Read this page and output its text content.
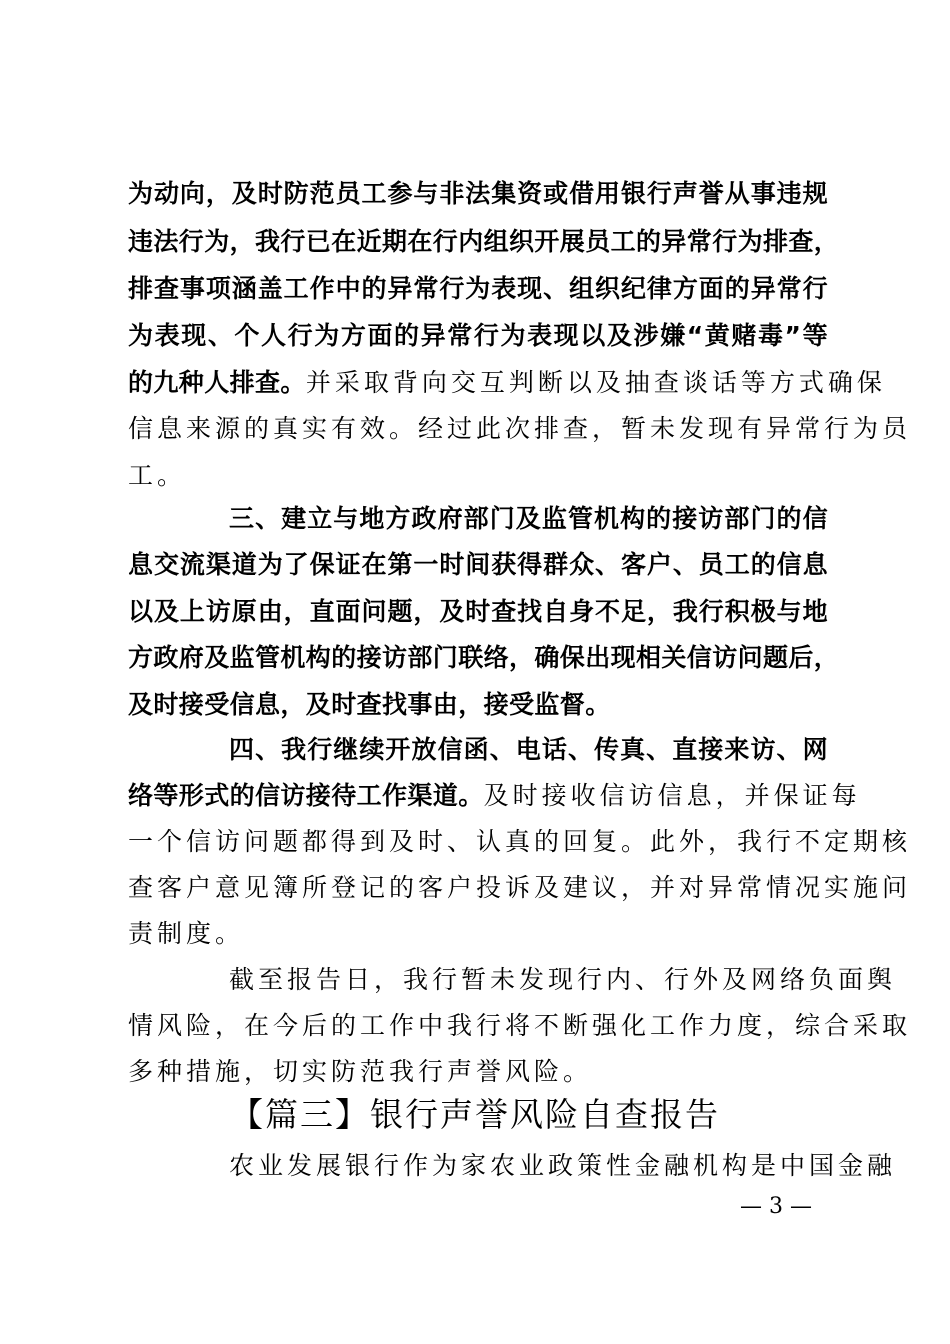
为动向，及时防范员工参与非法集资或借用银行声誉从事违规
违法行为，我行已在近期在行内组织开展员工的异常行为排查，
排查事项涵盖工作中的异常行为表现、组织纪律方面的异常行
为表现、个人行为方面的异常行为表现以及涉嫌“黄赌毒”等
的九种人排查。并采取背向交互判断以及抽查谈话等方式确保
信息来源的真实有效。经过此次排查，暂未发现有异常行为员
工。
三、建立与地方政府部门及监管机构的接访部门的信
息交流渠道为了保证在第一时间获得群众、客户、员工的信息
以及上访原由，直面问题，及时查找自身不足，我行积极与地
方政府及监管机构的接访部门联络，确保出现相关信访问题后，
及时接受信息，及时查找事由，接受监督。
四、我行继续开放信函、电话、传真、直接来访、网
络等形式的信访接待工作渠道。及时接收信访信息，并保证每
一个信访问题都得到及时、认真的回复。此外，我行不定期核
查客户意见簿所登记的客户投诉及建议，并对异常情况实施问
责制度。
截至报告日，我行暂未发现行内、行外及网络负面舆
情风险，在今后的工作中我行将不断强化工作力度，综合采取
多种措施，切实防范我行声誉风险。
【篇三】银行声誉风险自查报告
农业发展银行作为家农业政策性金融机构是中国金融
— 3 —
